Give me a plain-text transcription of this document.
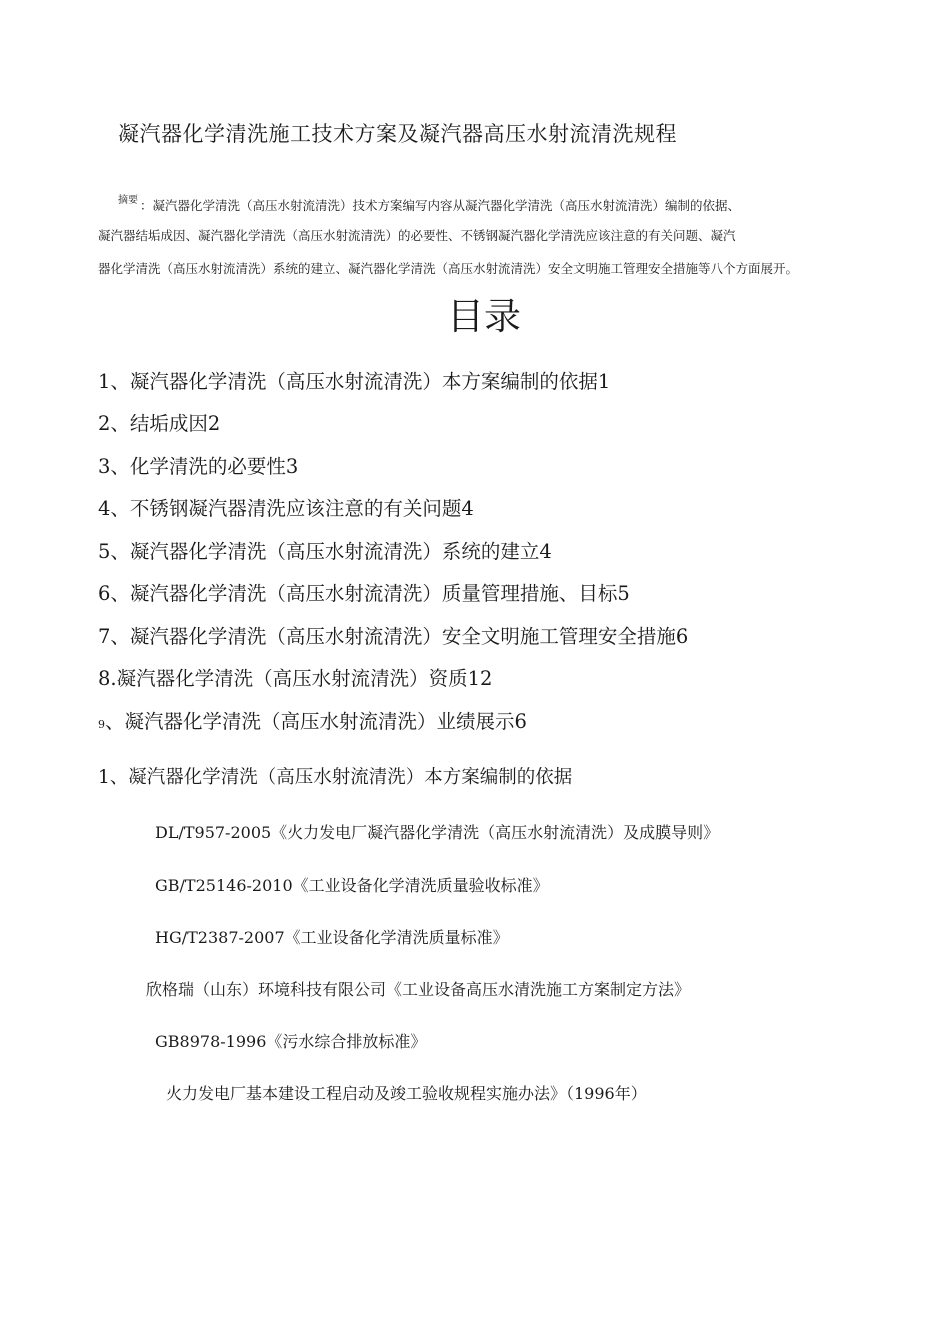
凝汽器化学清洗施工技术方案及凝汽器高压水射流清洗规程
摘要 ：凝汽器化学清洗（高压水射流清洗）技术方案编写内容从凝汽器化学清洗（高压水射流清洗）编制的依据、
凝汽器结垢成因、凝汽器化学清洗（高压水射流清洗）的必要性、不锈钢凝汽器化学清洗应该注意的有关问题、凝汽
器化学清洗（高压水射流清洗）系统的建立、凝汽器化学清洗（高压水射流清洗）安全文明施工管理安全措施等八个方面展开。
目录
1、凝汽器化学清洗（高压水射流清洗）本方案编制的依据1
2、结垢成因2
3、化学清洗的必要性3
4、不锈钢凝汽器清洗应该注意的有关问题4
5、凝汽器化学清洗（高压水射流清洗）系统的建立4
6、凝汽器化学清洗（高压水射流清洗）质量管理措施、目标5
7、凝汽器化学清洗（高压水射流清洗）安全文明施工管理安全措施6
8.凝汽器化学清洗（高压水射流清洗）资质12
9、凝汽器化学清洗（高压水射流清洗）业绩展示6
1、凝汽器化学清洗（高压水射流清洗）本方案编制的依据
DL/T957-2005《火力发电厂凝汽器化学清洗（高压水射流清洗）及成膜导则》
GB/T25146-2010《工业设备化学清洗质量验收标准》
HG/T2387-2007《工业设备化学清洗质量标准》
欣格瑞（山东）环境科技有限公司《工业设备高压水清洗施工方案制定方法》
GB8978-1996《污水综合排放标准》
火力发电厂基本建设工程启动及竣工验收规程实施办法》（1996年）
